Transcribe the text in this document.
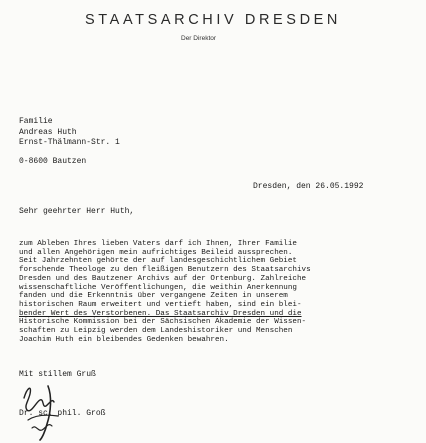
STAATSARCHIV DRESDEN
Der Direktor
Familie
Andreas Huth
Ernst-Thälmann-Str. 1
0-8600 Bautzen
Dresden, den 26.05.1992
Sehr geehrter Herr Huth,
zum Ableben Ihres lieben Vaters darf ich Ihnen, Ihrer Familie
und allen Angehörigen mein aufrichtiges Beileid aussprechen.
Seit Jahrzehnten gehörte der auf landesgeschichtlichem Gebiet
forschende Theologe zu den fleißigen Benutzern des Staatsarchivs
Dresden und des Bautzener Archivs auf der Ortenburg. Zahlreiche
wissenschaftliche Veröffentlichungen, die weithin Anerkennung
fanden und die Erkenntnis über vergangene Zeiten in unserem
historischen Raum erweitert und vertieft haben, sind ein blei-
bender Wert des Verstorbenen. Das Staatsarchiv Dresden und die
Historische Kommission bei der Sächsischen Akademie der Wissen-
schaften zu Leipzig werden dem Landeshistoriker und Menschen
Joachim Huth ein bleibendes Gedenken bewahren.
Mit stillem Gruß
Dr. sc. phil. Groß
